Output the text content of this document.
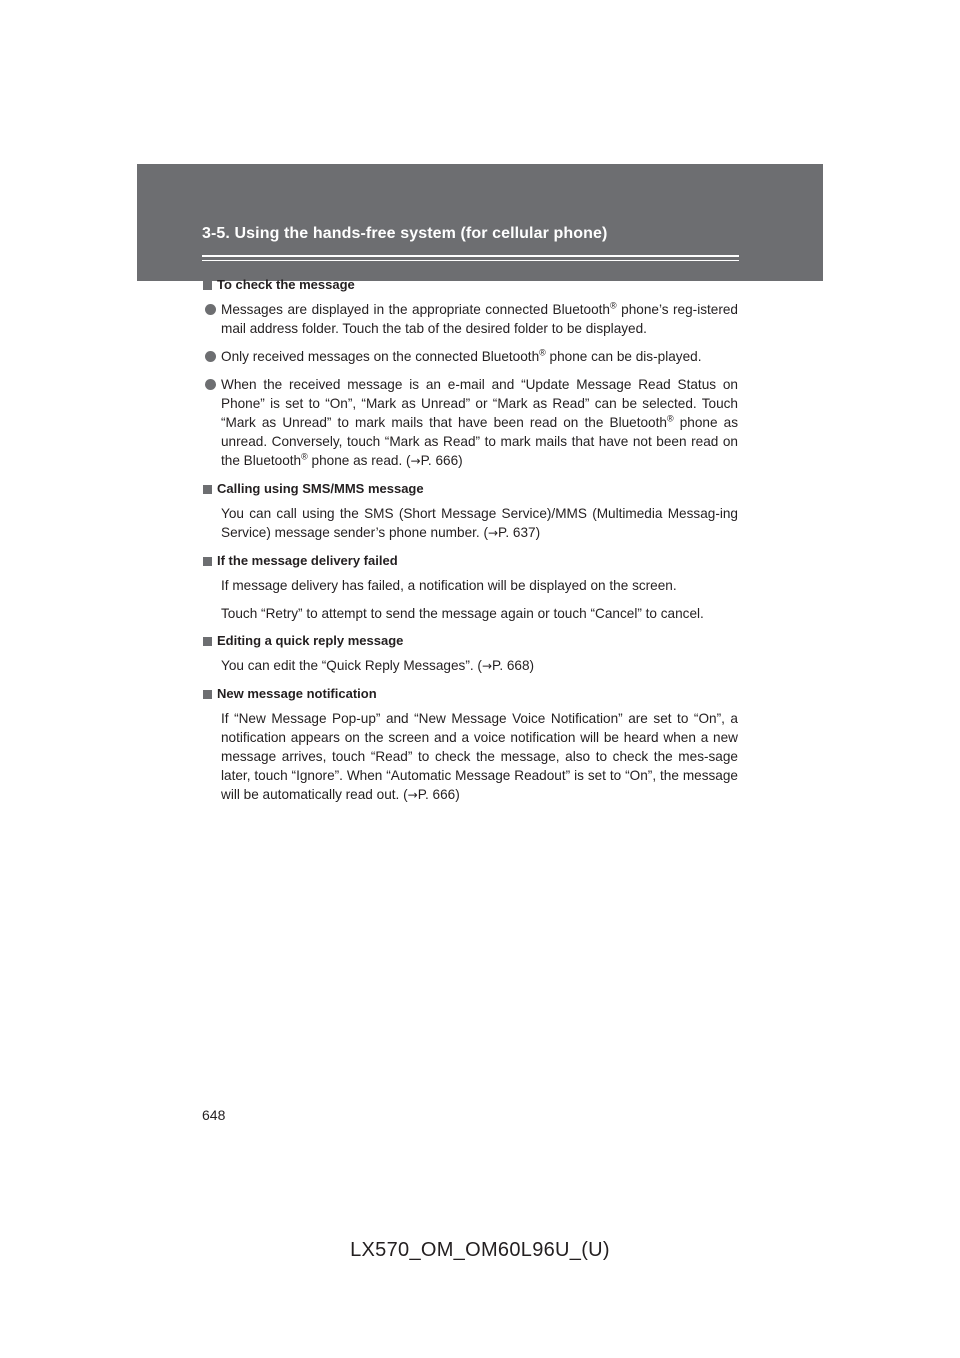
3-5. Using the hands-free system (for cellular phone)
To check the message
Messages are displayed in the appropriate connected Bluetooth® phone’s reg-istered mail address folder. Touch the tab of the desired folder to be displayed.
Only received messages on the connected Bluetooth® phone can be dis-played.
When the received message is an e-mail and “Update Message Read Status on Phone” is set to “On”, “Mark as Unread” or “Mark as Read” can be selected. Touch “Mark as Unread” to mark mails that have been read on the Bluetooth® phone as unread. Conversely, touch “Mark as Read” to mark mails that have not been read on the Bluetooth® phone as read. (→P. 666)
Calling using SMS/MMS message
You can call using the SMS (Short Message Service)/MMS (Multimedia Messag-ing Service) message sender’s phone number. (→P. 637)
If the message delivery failed
If message delivery has failed, a notification will be displayed on the screen.
Touch “Retry” to attempt to send the message again or touch “Cancel” to cancel.
Editing a quick reply message
You can edit the “Quick Reply Messages”. (→P. 668)
New message notification
If “New Message Pop-up” and “New Message Voice Notification” are set to “On”, a notification appears on the screen and a voice notification will be heard when a new message arrives, touch “Read” to check the message, also to check the mes-sage later, touch “Ignore”. When “Automatic Message Readout” is set to “On”, the message will be automatically read out. (→P. 666)
648
LX570_OM_OM60L96U_(U)
